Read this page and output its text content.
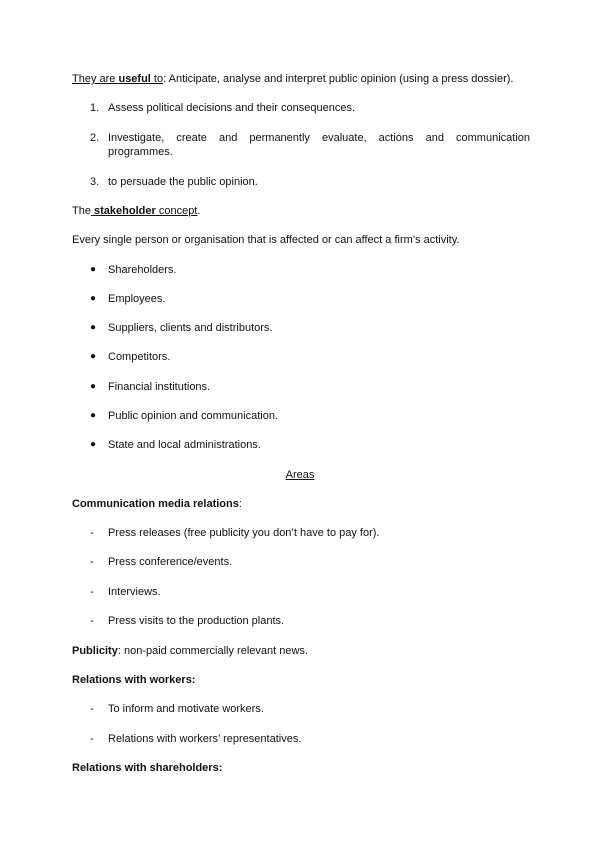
They are useful to: Anticipate, analyse and interpret public opinion (using a press dossier).
1. Assess political decisions and their consequences.
2. Investigate, create and permanently evaluate, actions and communication programmes.
3. to persuade the public opinion.
The stakeholder concept.
Every single person or organisation that is affected or can affect a firm’s activity.
●	Shareholders.
●	Employees.
●	Suppliers, clients and distributors.
●	Competitors.
●	Financial institutions.
●	Public opinion and communication.
●	State and local administrations.
Areas
Communication media relations:
-	Press releases (free publicity you don’t have to pay for).
-	Press conference/events.
-	Interviews.
-	Press visits to the production plants.
Publicity: non-paid commercially relevant news.
Relations with workers:
-	To inform and motivate workers.
-	Relations with workers’ representatives.
Relations with shareholders:
